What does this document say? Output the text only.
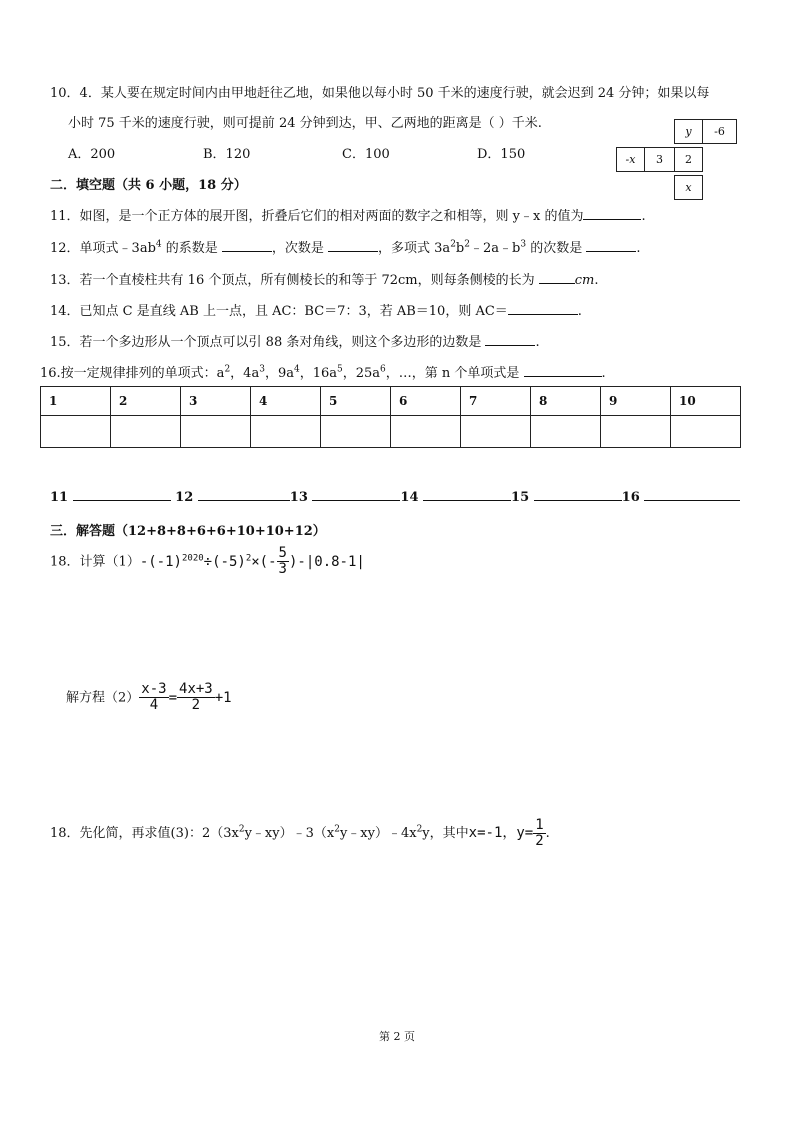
10．4．某人要在规定时间内由甲地赶往乙地，如果他以每小时 50 千米的速度行驶，就会迟到 24 分钟；如果以每
小时 75 千米的速度行驶，则可提前 24 分钟到达，甲、乙两地的距离是（ ）千米.
A．200	B．120	C．100	D．150
y	-6
-x	3	2
x
二．填空题（共 6 小题，18 分）
11．如图，是一个正方体的展开图，折叠后它们的相对两面的数字之和相等，则 y﹣x 的值为	.
12．单项式$﹣3ab^4$ 的系数是	，次数是	，多项式 $3a^2b^2﹣2a﹣b^3$ 的次数是	.
13．若一个直棱柱共有 16 个顶点，所有侧棱长的和等于 72cm，则每条侧棱的长为	cm.
14．已知点 C 是直线 AB 上一点，且 AC：BC＝7：3，若 AB＝10，则 AC＝	.
15．若一个多边形从一个顶点可以引 88 条对角线，则这个多边形的边数是	.
16.按一定规律排列的单项式：$a^2$，$4a^3$，$9a^4$，$16a^5$，$25a^6$，…，第 n 个单项式是	.
1	2	3	4	5	6	7	8	9	10

11	12	13	14	15	16
三．解答题（12+8+8+6+6+10+10+12）
18．计算$(1)-(-1)^{2020}\div(-5)^2\times(- \frac{5}{3} )-|0.8-1|$
解方程$(2) \frac{x-3}{4} = \frac{4x+3}{2} +1$
18．先化简，再求值(3)：$2(3x^2y﹣xy)﹣3(x^2y﹣xy)﹣4x^2y$，其中x=-1，$y= \frac{1}{2}$ .
第 2 页
